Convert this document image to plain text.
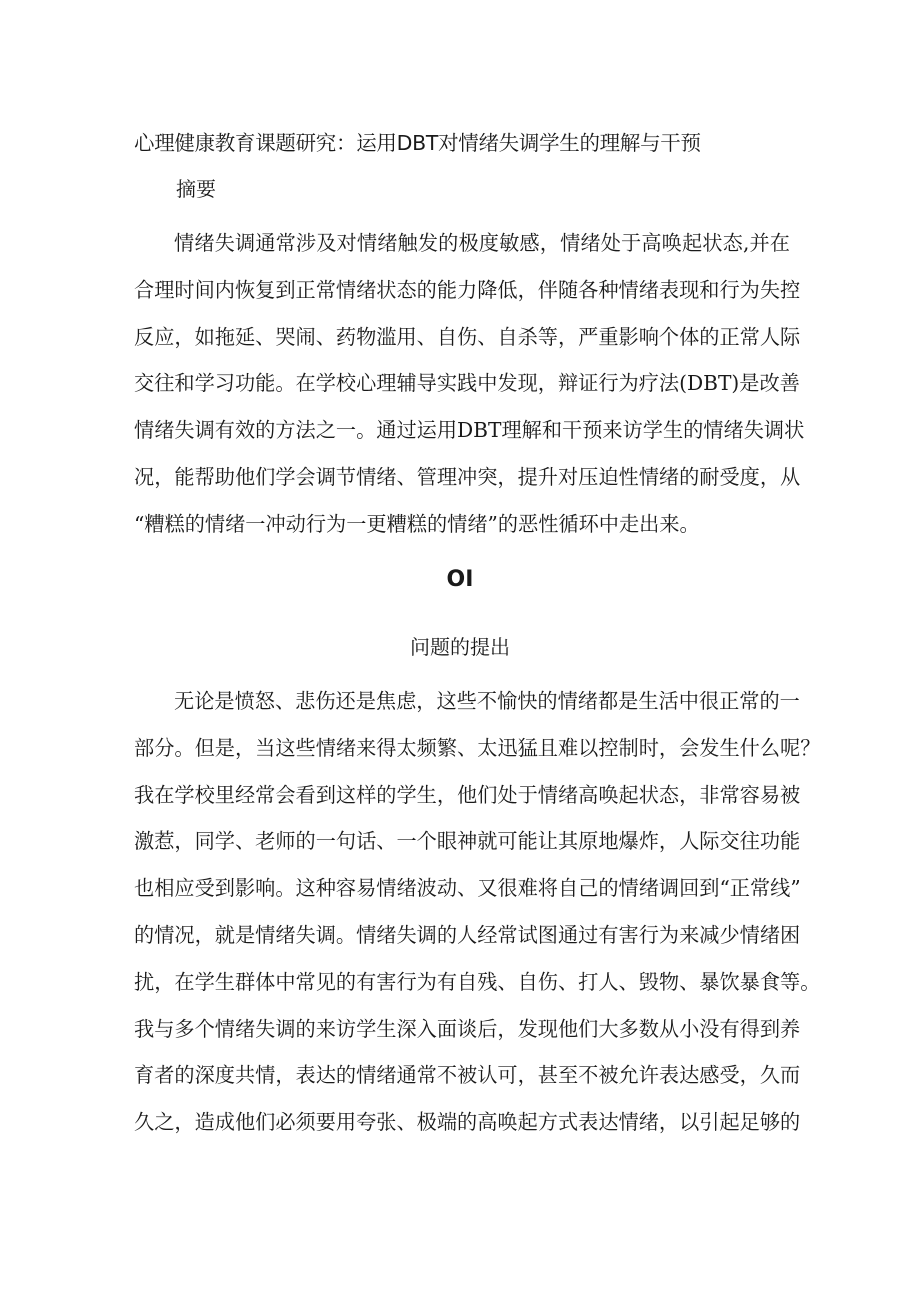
心理健康教育课题研究：运用DBT对情绪失调学生的理解与干预
摘要
情绪失调通常涉及对情绪触发的极度敏感，情绪处于高唤起状态,并在
合理时间内恢复到正常情绪状态的能力降低，伴随各种情绪表现和行为失控
反应，如拖延、哭闹、药物滥用、自伤、自杀等，严重影响个体的正常人际
交往和学习功能。在学校心理辅导实践中发现，辩证行为疗法(DBT)是改善
情绪失调有效的方法之一。通过运用DBT理解和干预来访学生的情绪失调状
况，能帮助他们学会调节情绪、管理冲突，提升对压迫性情绪的耐受度，从
“糟糕的情绪一冲动行为一更糟糕的情绪”的恶性循环中走出来。
OI
问题的提出
无论是愤怒、悲伤还是焦虑，这些不愉快的情绪都是生活中很正常的一
部分。但是，当这些情绪来得太频繁、太迅猛且难以控制时，会发生什么呢？
我在学校里经常会看到这样的学生，他们处于情绪高唤起状态，非常容易被
激惹，同学、老师的一句话、一个眼神就可能让其原地爆炸，人际交往功能
也相应受到影响。这种容易情绪波动、又很难将自己的情绪调回到“正常线”
的情况，就是情绪失调。情绪失调的人经常试图通过有害行为来减少情绪困
扰，在学生群体中常见的有害行为有自残、自伤、打人、毁物、暴饮暴食等。
我与多个情绪失调的来访学生深入面谈后，发现他们大多数从小没有得到养
育者的深度共情，表达的情绪通常不被认可，甚至不被允许表达感受，久而
久之，造成他们必须要用夸张、极端的高唤起方式表达情绪，以引起足够的
